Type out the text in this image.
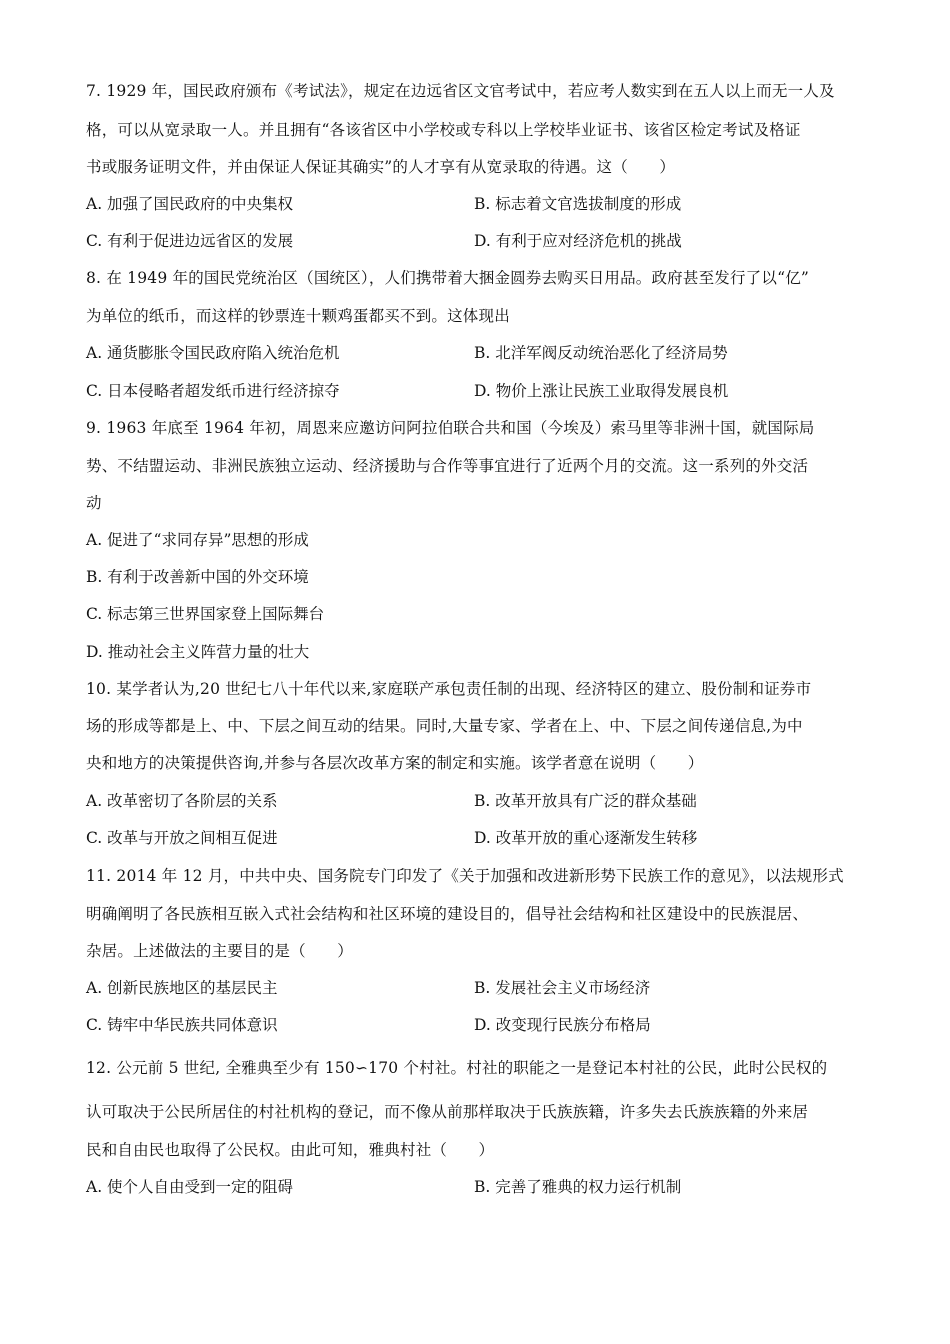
7. 1929 年，国民政府颁布《考试法》，规定在边远省区文官考试中，若应考人数实到在五人以上而无一人及
格，可以从宽录取一人。并且拥有“各该省区中小学校或专科以上学校毕业证书、该省区检定考试及格证
书或服务证明文件，并由保证人保证其确实”的人才享有从宽录取的待遇。这（　　）
A. 加强了国民政府的中央集权	B. 标志着文官选拔制度的形成
C. 有利于促进边远省区的发展	D. 有利于应对经济危机的挑战
8. 在 1949 年的国民党统治区（国统区），人们携带着大捆金圆券去购买日用品。政府甚至发行了以“亿”
为单位的纸币，而这样的钞票连十颗鸡蛋都买不到。这体现出
A. 通货膨胀令国民政府陷入统治危机	B. 北洋军阀反动统治恶化了经济局势
C. 日本侵略者超发纸币进行经济掠夺	D. 物价上涨让民族工业取得发展良机
9. 1963 年底至 1964 年初，周恩来应邀访问阿拉伯联合共和国（今埃及）索马里等非洲十国，就国际局
势、不结盟运动、非洲民族独立运动、经济援助与合作等事宜进行了近两个月的交流。这一系列的外交活
动
A. 促进了“求同存异”思想的形成
B. 有利于改善新中国的外交环境
C. 标志第三世界国家登上国际舞台
D. 推动社会主义阵营力量的壮大
10. 某学者认为,20 世纪七八十年代以来,家庭联产承包责任制的出现、经济特区的建立、股份制和证券市
场的形成等都是上、中、下层之间互动的结果。同时,大量专家、学者在上、中、下层之间传递信息,为中
央和地方的决策提供咨询,并参与各层次改革方案的制定和实施。该学者意在说明（　　）
A. 改革密切了各阶层的关系	B. 改革开放具有广泛的群众基础
C. 改革与开放之间相互促进	D. 改革开放的重心逐渐发生转移
11. 2014 年 12 月，中共中央、国务院专门印发了《关于加强和改进新形势下民族工作的意见》，以法规形式
明确阐明了各民族相互嵌入式社会结构和社区环境的建设目的，倡导社会结构和社区建设中的民族混居、
杂居。上述做法的主要目的是（　　）
A. 创新民族地区的基层民主	B. 发展社会主义市场经济
C. 铸牢中华民族共同体意识	D. 改变现行民族分布格局
12. 公元前 5 世纪, 全雅典至少有 150∽170 个村社。村社的职能之一是登记本村社的公民，此时公民权的
认可取决于公民所居住的村社机构的登记，而不像从前那样取决于氏族族籍，许多失去氏族族籍的外来居
民和自由民也取得了公民权。由此可知，雅典村社（　　）
A. 使个人自由受到一定的阻碍	B. 完善了雅典的权力运行机制
